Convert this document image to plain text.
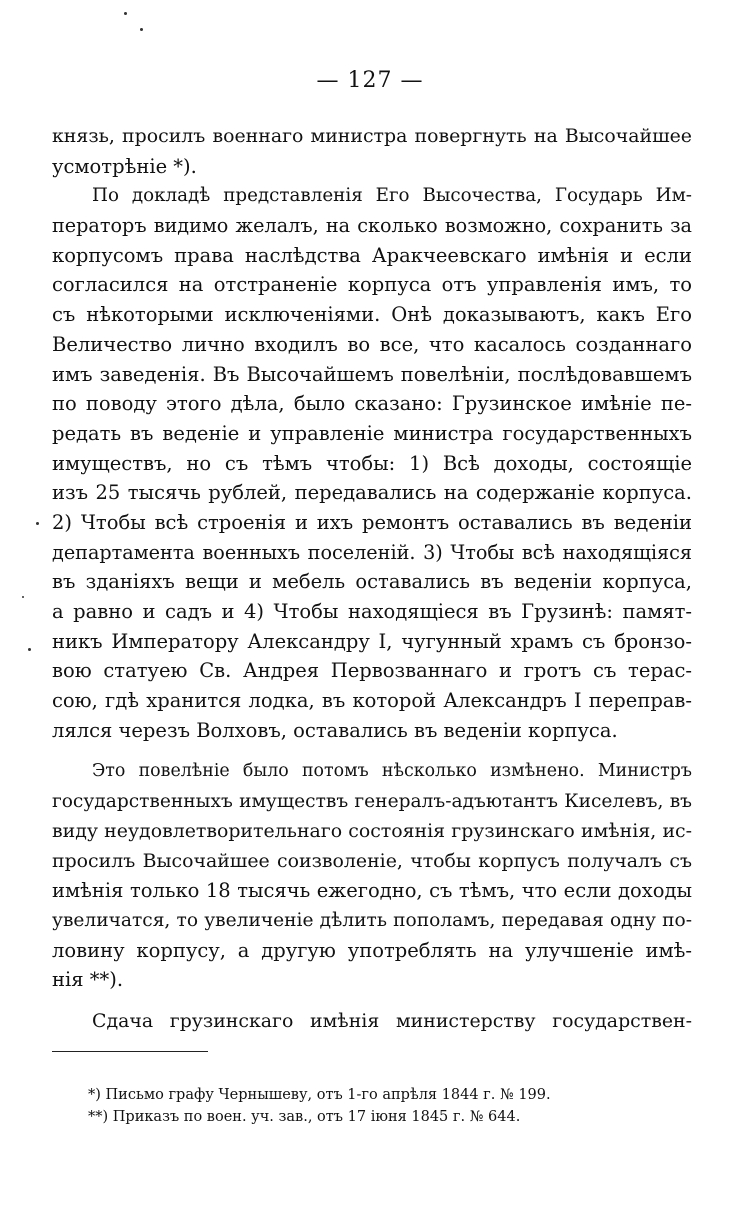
— 127 —
князь, просилъ военнаго министра повергнуть на Высочайшее
усмотрѣніе *).
По докладѣ представленія Его Высочества, Государь Им-
ператоръ видимо желалъ, на сколько возможно, сохранить за
корпусомъ права наслѣдства Аракчеевскаго имѣнія и если
согласился на отстраненіе корпуса отъ управленія имъ, то
съ нѣкоторыми исключеніями. Онѣ доказываютъ, какъ Его
Величество лично входилъ во все, что касалось созданнаго
имъ заведенія. Въ Высочайшемъ повелѣніи, послѣдовавшемъ
по поводу этого дѣла, было сказано: Грузинское имѣніе пе-
редать въ веденіе и управленіе министра государственныхъ
имуществъ, но съ тѣмъ чтобы: 1) Всѣ доходы, состоящіе
изъ 25 тысячь рублей, передавались на содержаніе корпуса.
2) Чтобы всѣ строенія и ихъ ремонтъ оставались въ веденіи
департамента военныхъ поселеній. 3) Чтобы всѣ находящіяся
въ зданіяхъ вещи и мебель оставались въ веденіи корпуса,
а равно и садъ и 4) Чтобы находящіеся въ Грузинѣ: памят-
никъ Императору Александру I, чугунный храмъ съ бронзо-
вою статуею Св. Андрея Первозваннаго и гротъ съ терас-
сою, гдѣ хранится лодка, въ которой Александръ I переправ-
лялся черезъ Волховъ, оставались въ веденіи корпуса.
Это повелѣніе было потомъ нѣсколько измѣнено. Министръ
государственныхъ имуществъ генералъ-адъютантъ Киселевъ, въ
виду неудовлетворительнаго состоянія грузинскаго имѣнія, ис-
просилъ Высочайшее соизволеніе, чтобы корпусъ получалъ съ
имѣнія только 18 тысячь ежегодно, съ тѣмъ, что если доходы
увеличатся, то увеличеніе дѣлить пополамъ, передавая одну по-
ловину корпусу, а другую употреблять на улучшеніе имѣ-
нія **).
Сдача грузинскаго имѣнія министерству государствен-
*) Письмо графу Чернышеву, отъ 1-го апрѣля 1844 г. № 199.
**) Приказъ по воен. уч. зав., отъ 17 іюня 1845 г. № 644.
